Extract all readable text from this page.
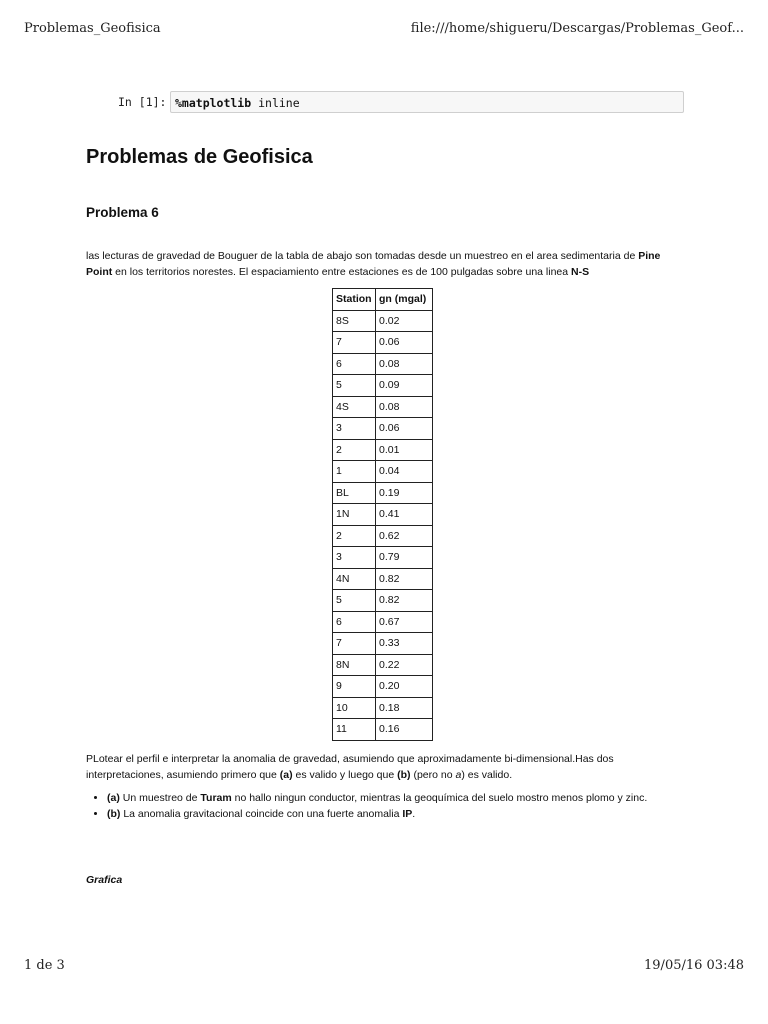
Problemas_Geofisica	file:///home/shigueru/Descargas/Problemas_Geof...
In [1]: %matplotlib inline
Problemas de Geofisica
Problema 6
las lecturas de gravedad de Bouguer de la tabla de abajo son tomadas desde un muestreo en el area sedimentaria de Pine Point en los territorios norestes. El espaciamiento entre estaciones es de 100 pulgadas sobre una linea N-S
Station	gn (mgal)
8S	0.02
7	0.06
6	0.08
5	0.09
4S	0.08
3	0.06
2	0.01
1	0.04
BL	0.19
1N	0.41
2	0.62
3	0.79
4N	0.82
5	0.82
6	0.67
7	0.33
8N	0.22
9	0.20
10	0.18
11	0.16
PLotear el perfil e interpretar la anomalia de gravedad, asumiendo que aproximadamente bi-dimensional.Has dos interpretaciones, asumiendo primero que (a) es valido y luego que (b) (pero no a) es valido.
• (a) Un muestreo de Turam no hallo ningun conductor, mientras la geoquímica del suelo mostro menos plomo y zinc.
• (b) La anomalia gravitacional coincide con una fuerte anomalia IP.
Grafica
1 de 3	19/05/16 03:48
